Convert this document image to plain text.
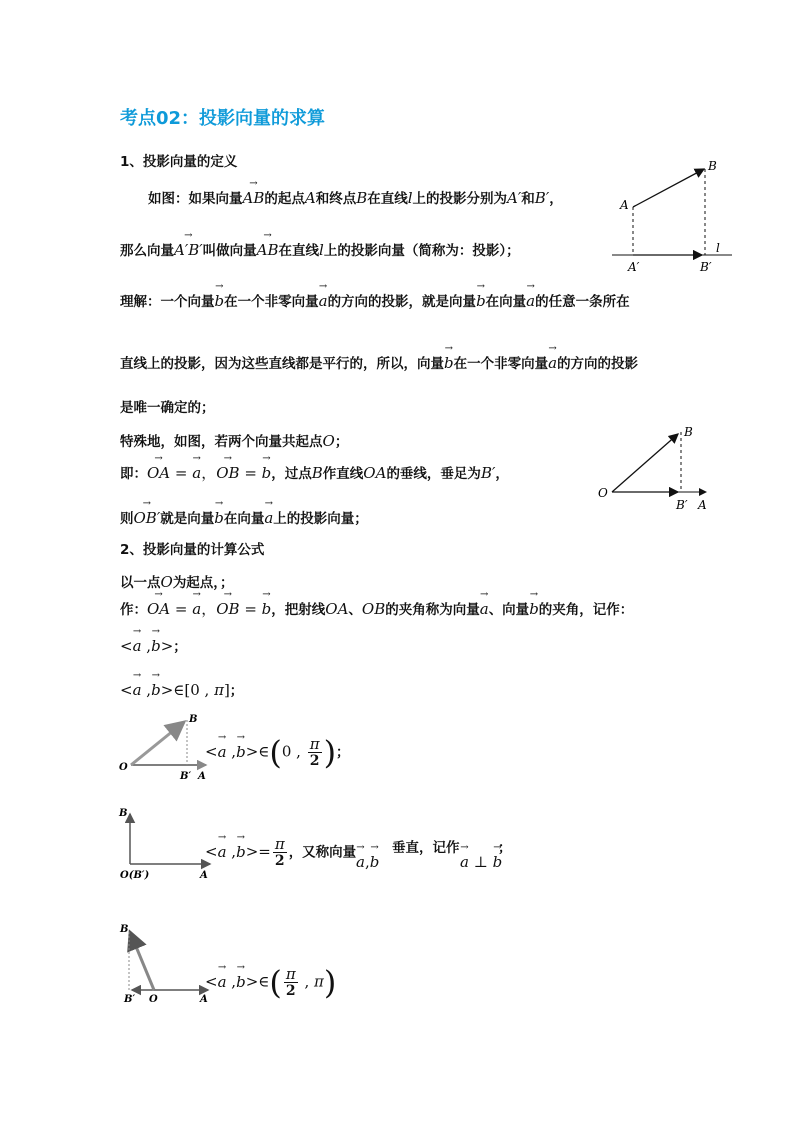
考点02：投影向量的求算
1、投影向量的定义
如图：如果向量→ AB的起点A和终点B在直线l上的投影分别为A′和B′，
那么向量→ A′B′叫做向量→ AB在直线l上的投影向量（简称为：投影）；
A
B
A′	B′
l
理解：一个向量→ b在一个非零向量→ a的方向的投影，就是向量→ b在向量→ a的任意一条所在
直线上的投影，因为这些直线都是平行的，所以，向量→ b在一个非零向量→ a的方向的投影
是唯一确定的；
特殊地，如图，若两个向量共起点O；
即：→ OA = → a，→ OB = → b，过点B作直线OA的垂线，垂足为B′，
O
B
B′ A
则→ OB′就是向量→ b在向量→ a上的投影向量；
2、投影向量的计算公式
以一点O为起点，；
作：→ OA = → a，→ OB = → b，把射线OA、OB的夹角称为向量→ a、向量→ b的夹角，记作：
<→ a ,→ b>；
<→ a ,→ b>∈[0 , π]；
O
B
B′ A
<→ a ,→ b>∈(0 , $\frac{\pi}{2}$ )；
B
O(B′)	A
<→ a ,→ $b>= \frac{\pi}{2}$ ，又称向量
→ a,→ b
垂直，记作
→ a ⊥ → b
；
B
B′ O	A
<→ a ,→ b>∈( $\frac{\pi}{2}$ , π)
